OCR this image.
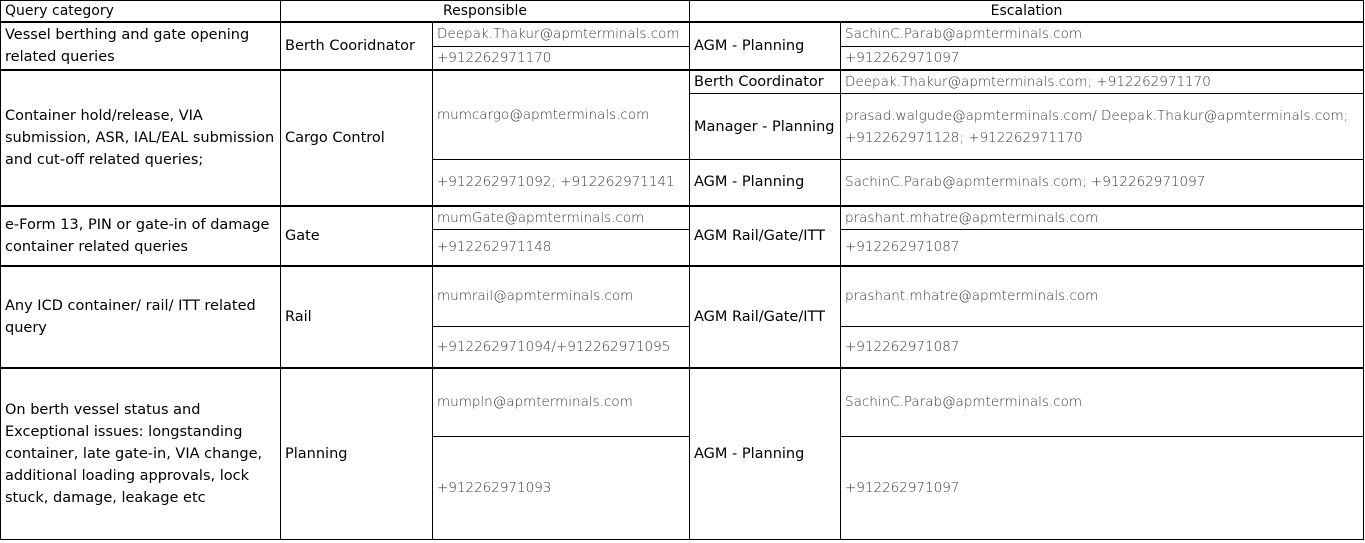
Query category	Responsible		Escalation	
Vessel berthing and gate opening related queries	Berth Cooridnator	Deepak.Thakur@apmterminals.com	AGM - Planning	SachinC.Parab@apmterminals.com
		+912262971170		+912262971097
Container hold/release, VIA submission, ASR, IAL/EAL submission and cut-off related queries;	Cargo Control	mumcargo@apmterminals.com	Berth Coordinator	Deepak.Thakur@apmterminals.com; +912262971170
			Manager - Planning	prasad.walgude@apmterminals.com/ Deepak.Thakur@apmterminals.com; +912262971128; +912262971170
		+912262971092; +912262971141	AGM - Planning	SachinC.Parab@apmterminals.com; +912262971097
e-Form 13, PIN or gate-in of damage container related queries	Gate	mumGate@apmterminals.com	AGM Rail/Gate/ITT	prashant.mhatre@apmterminals.com
		+912262971148		+912262971087
Any ICD container/ rail/ ITT related query	Rail	mumrail@apmterminals.com	AGM Rail/Gate/ITT	prashant.mhatre@apmterminals.com
		+912262971094/+912262971095		+912262971087
On berth vessel status and Exceptional issues: longstanding container, late gate-in, VIA change, additional loading approvals, lock stuck, damage, leakage etc	Planning	mumpln@apmterminals.com	AGM - Planning	SachinC.Parab@apmterminals.com
		+912262971093		+912262971097
